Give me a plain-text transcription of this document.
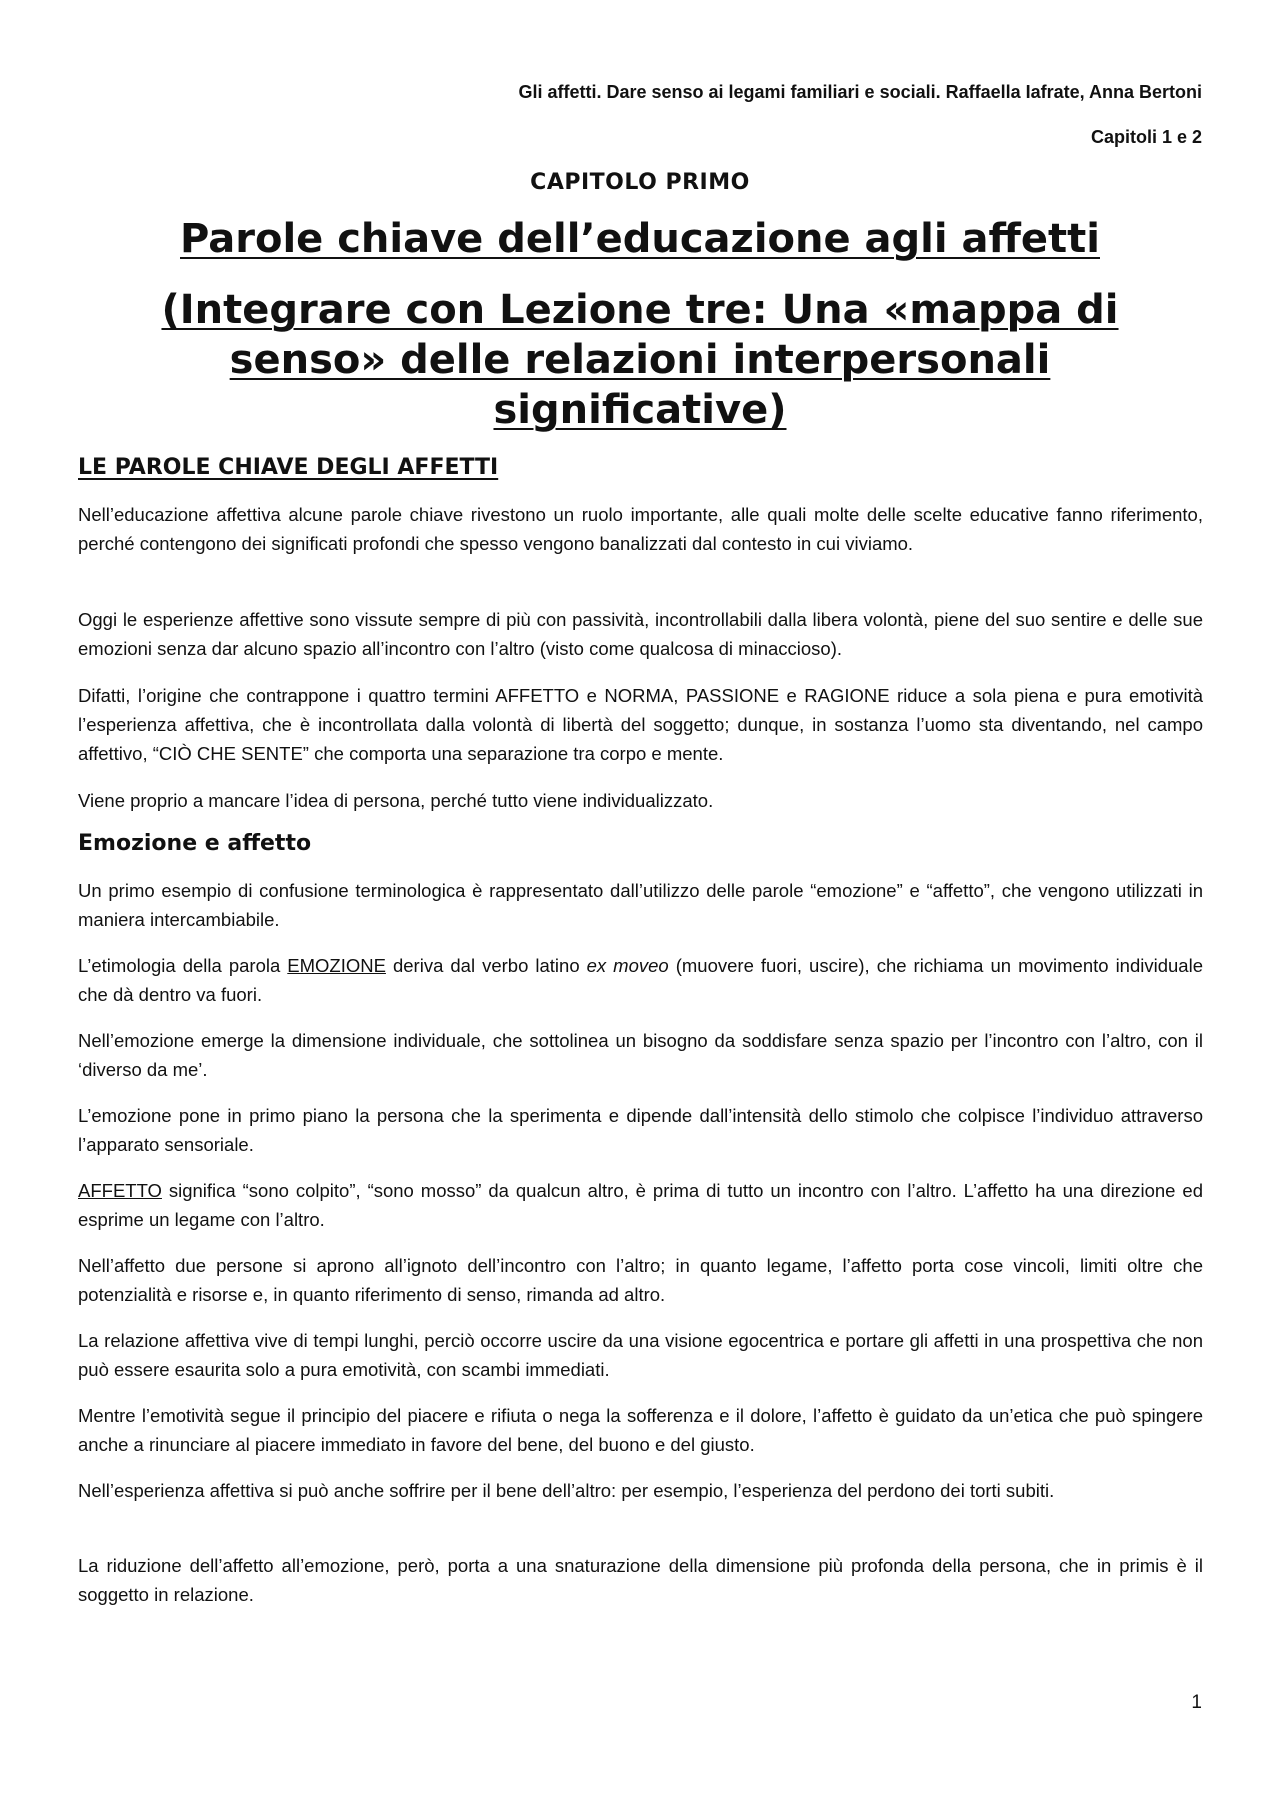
Gli affetti. Dare senso ai legami familiari e sociali. Raffaella Iafrate, Anna Bertoni
Capitoli 1 e 2
CAPITOLO PRIMO
Parole chiave dell’educazione agli affetti
(Integrare con Lezione tre: Una «mappa di senso» delle relazioni interpersonali significative)
LE PAROLE CHIAVE DEGLI AFFETTI

Nell’educazione affettiva alcune parole chiave rivestono un ruolo importante, alle quali molte delle scelte educative fanno riferimento, perché contengono dei significati profondi che spesso vengono banalizzati dal contesto in cui viviamo.

Oggi le esperienze affettive sono vissute sempre di più con passività, incontrollabili dalla libera volontà, piene del suo sentire e delle sue emozioni senza dar alcuno spazio all’incontro con l’altro (visto come qualcosa di minaccioso).

Difatti, l’origine che contrappone i quattro termini AFFETTO e NORMA, PASSIONE e RAGIONE riduce a sola piena e pura emotività l’esperienza affettiva, che è incontrollata dalla volontà di libertà del soggetto; dunque, in sostanza l’uomo sta diventando, nel campo affettivo, “CIÒ CHE SENTE” che comporta una separazione tra corpo e mente.

Viene proprio a mancare l’idea di persona, perché tutto viene individualizzato.

Emozione e affetto

Un primo esempio di confusione terminologica è rappresentato dall’utilizzo delle parole “emozione” e “affetto”, che vengono utilizzati in maniera intercambiabile.

L’etimologia della parola EMOZIONE deriva dal verbo latino ex moveo (muovere fuori, uscire), che richiama un movimento individuale che dà dentro va fuori.

Nell’emozione emerge la dimensione individuale, che sottolinea un bisogno da soddisfare senza spazio per l’incontro con l’altro, con il ‘diverso da me’.

L’emozione pone in primo piano la persona che la sperimenta e dipende dall’intensità dello stimolo che colpisce l’individuo attraverso l’apparato sensoriale.

AFFETTO significa “sono colpito”, “sono mosso” da qualcun altro, è prima di tutto un incontro con l’altro. L’affetto ha una direzione ed esprime un legame con l’altro.

Nell’affetto due persone si aprono all’ignoto dell’incontro con l’altro; in quanto legame, l’affetto porta cose vincoli, limiti oltre che potenzialità e risorse e, in quanto riferimento di senso, rimanda ad altro.

La relazione affettiva vive di tempi lunghi, perciò occorre uscire da una visione egocentrica e portare gli affetti in una prospettiva che non può essere esaurita solo a pura emotività, con scambi immediati.

Mentre l’emotività segue il principio del piacere e rifiuta o nega la sofferenza e il dolore, l’affetto è guidato da un’etica che può spingere anche a rinunciare al piacere immediato in favore del bene, del buono e del giusto.

Nell’esperienza affettiva si può anche soffrire per il bene dell’altro: per esempio, l’esperienza del perdono dei torti subiti.

La riduzione dell’affetto all’emozione, però, porta a una snaturazione della dimensione più profonda della persona, che in primis è il soggetto in relazione.

1
